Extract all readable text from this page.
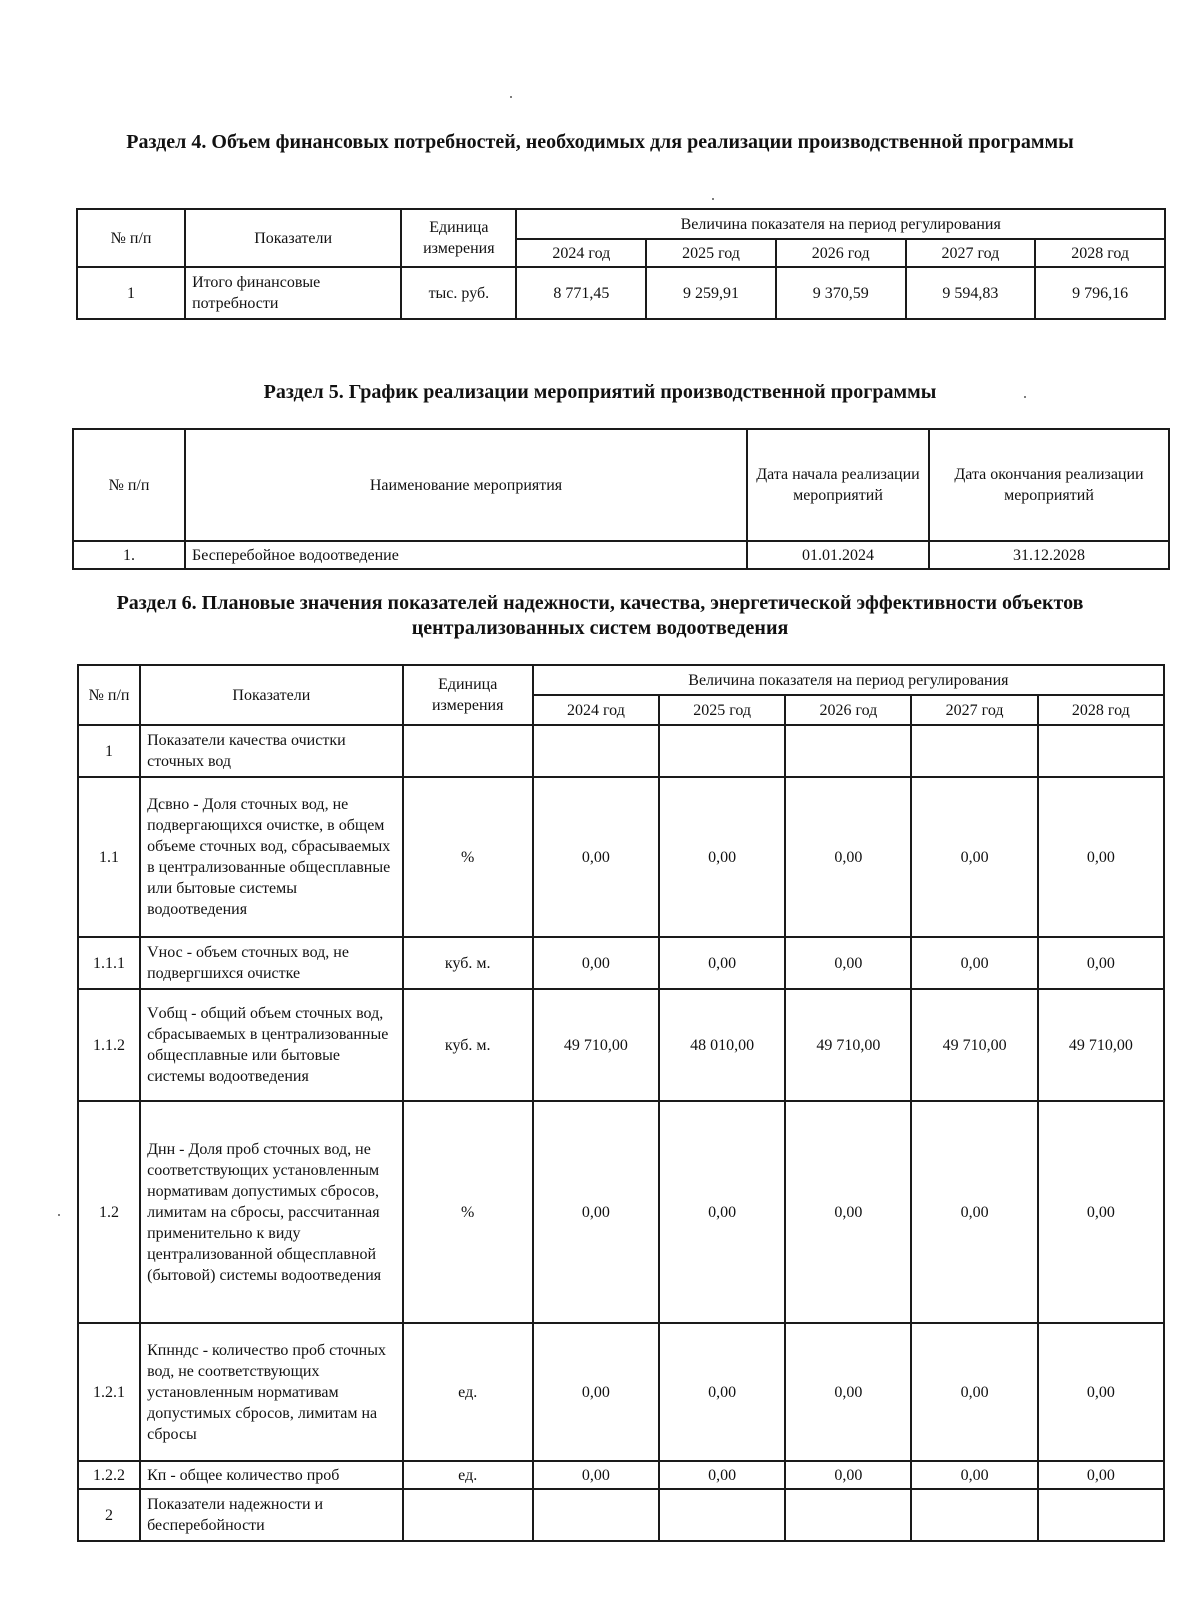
Раздел 4. Объем финансовых потребностей, необходимых для реализации производственной программы
№ п/п	Показатели	Единица измерения	Величина показателя на период регулирования				
			2024 год	2025 год	2026 год	2027 год	2028 год
1	Итого финансовые потребности	тыс. руб.	8 771,45	9 259,91	9 370,59	9 594,83	9 796,16
Раздел 5. График реализации мероприятий производственной программы
№ п/п	Наименование мероприятия	Дата начала реализации мероприятий	Дата окончания реализации мероприятий
1.	Бесперебойное водоотведение	01.01.2024	31.12.2028
Раздел 6. Плановые значения показателей надежности, качества, энергетической эффективности объектов централизованных систем водоотведения
№ п/п	Показатели	Единица измерения	Величина показателя на период регулирования				
			2024 год	2025 год	2026 год	2027 год	2028 год
1	Показатели качества очистки сточных вод						
1.1	Дсвно - Доля сточных вод, не подвергающихся очистке, в общем объеме сточных вод, сбрасываемых в централизованные общесплавные или бытовые системы водоотведения	%	0,00	0,00	0,00	0,00	0,00
1.1.1	Vнос - объем сточных вод, не подвергшихся очистке	куб. м.	0,00	0,00	0,00	0,00	0,00
1.1.2	Vобщ - общий объем сточных вод, сбрасываемых в централизованные общесплавные или бытовые системы водоотведения	куб. м.	49 710,00	48 010,00	49 710,00	49 710,00	49 710,00
1.2	Днн - Доля проб сточных вод, не соответствующих установленным нормативам допустимых сбросов, лимитам на сбросы, рассчитанная применительно к виду централизованной общесплавной (бытовой) системы водоотведения	%	0,00	0,00	0,00	0,00	0,00
1.2.1	Кпнндс - количество проб сточных вод, не соответствующих установленным нормативам допустимых сбросов, лимитам на сбросы	ед.	0,00	0,00	0,00	0,00	0,00
1.2.2	Кп - общее количество проб	ед.	0,00	0,00	0,00	0,00	0,00
2	Показатели надежности и бесперебойности						
